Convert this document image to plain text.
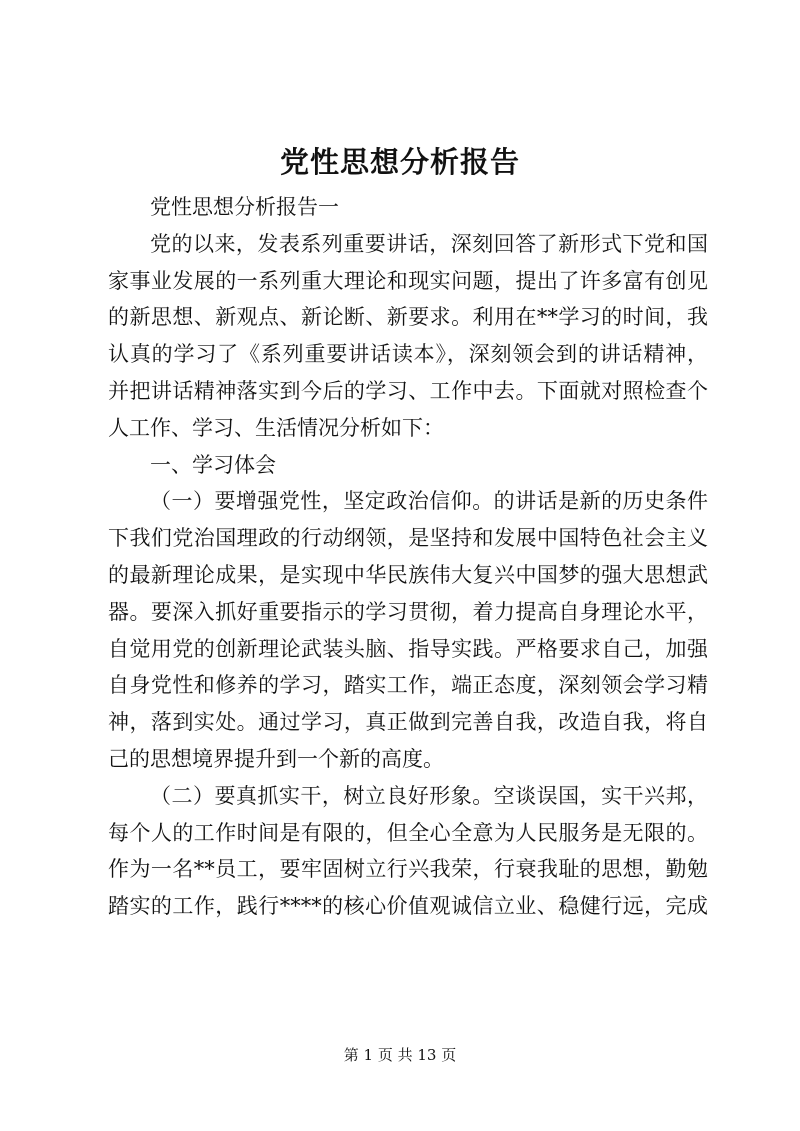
党性思想分析报告
党性思想分析报告一
党的以来，发表系列重要讲话，深刻回答了新形式下党和国
家事业发展的一系列重大理论和现实问题，提出了许多富有创见
的新思想、新观点、新论断、新要求。利用在**学习的时间，我
认真的学习了《系列重要讲话读本》，深刻领会到的讲话精神，
并把讲话精神落实到今后的学习、工作中去。下面就对照检查个
人工作、学习、生活情况分析如下：
一、学习体会
（一）要增强党性，坚定政治信仰。的讲话是新的历史条件
下我们党治国理政的行动纲领，是坚持和发展中国特色社会主义
的最新理论成果，是实现中华民族伟大复兴中国梦的强大思想武
器。要深入抓好重要指示的学习贯彻，着力提高自身理论水平，
自觉用党的创新理论武装头脑、指导实践。严格要求自己，加强
自身党性和修养的学习，踏实工作，端正态度，深刻领会学习精
神，落到实处。通过学习，真正做到完善自我，改造自我，将自
己的思想境界提升到一个新的高度。
（二）要真抓实干，树立良好形象。空谈误国，实干兴邦，
每个人的工作时间是有限的，但全心全意为人民服务是无限的。
作为一名**员工，要牢固树立行兴我荣，行衰我耻的思想，勤勉
踏实的工作，践行****的核心价值观诚信立业、稳健行远，完成
第 1 页 共 13 页
